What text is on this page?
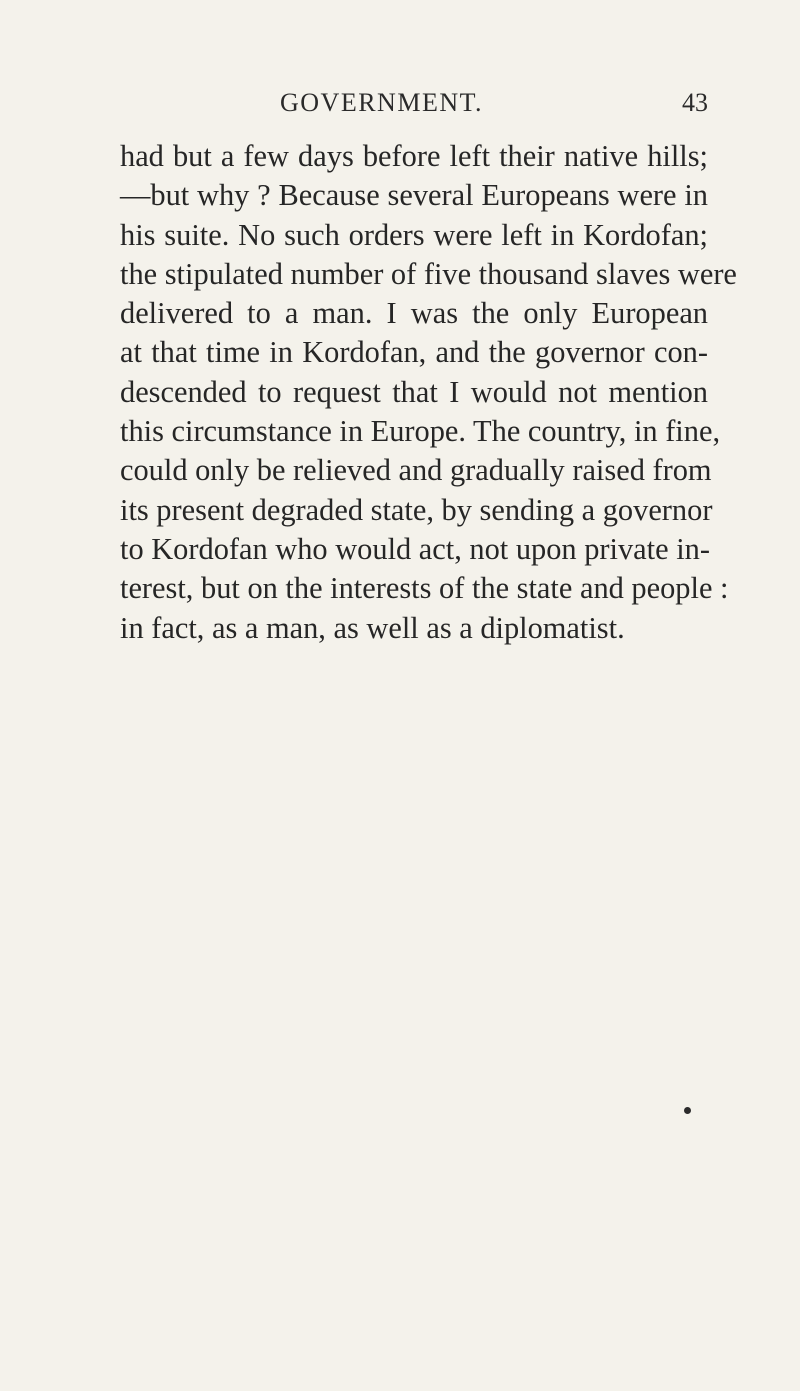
GOVERNMENT.	43
had but a few days before left their native hills;
—but why ? Because several Europeans were in
his suite. No such orders were left in Kordofan;
the stipulated number of five thousand slaves were
delivered to a man. I was the only European
at that time in Kordofan, and the governor con-
descended to request that I would not mention
this circumstance in Europe. The country, in fine,
could only be relieved and gradually raised from
its present degraded state, by sending a governor
to Kordofan who would act, not upon private in-
terest, but on the interests of the state and people :
in fact, as a man, as well as a diplomatist.
